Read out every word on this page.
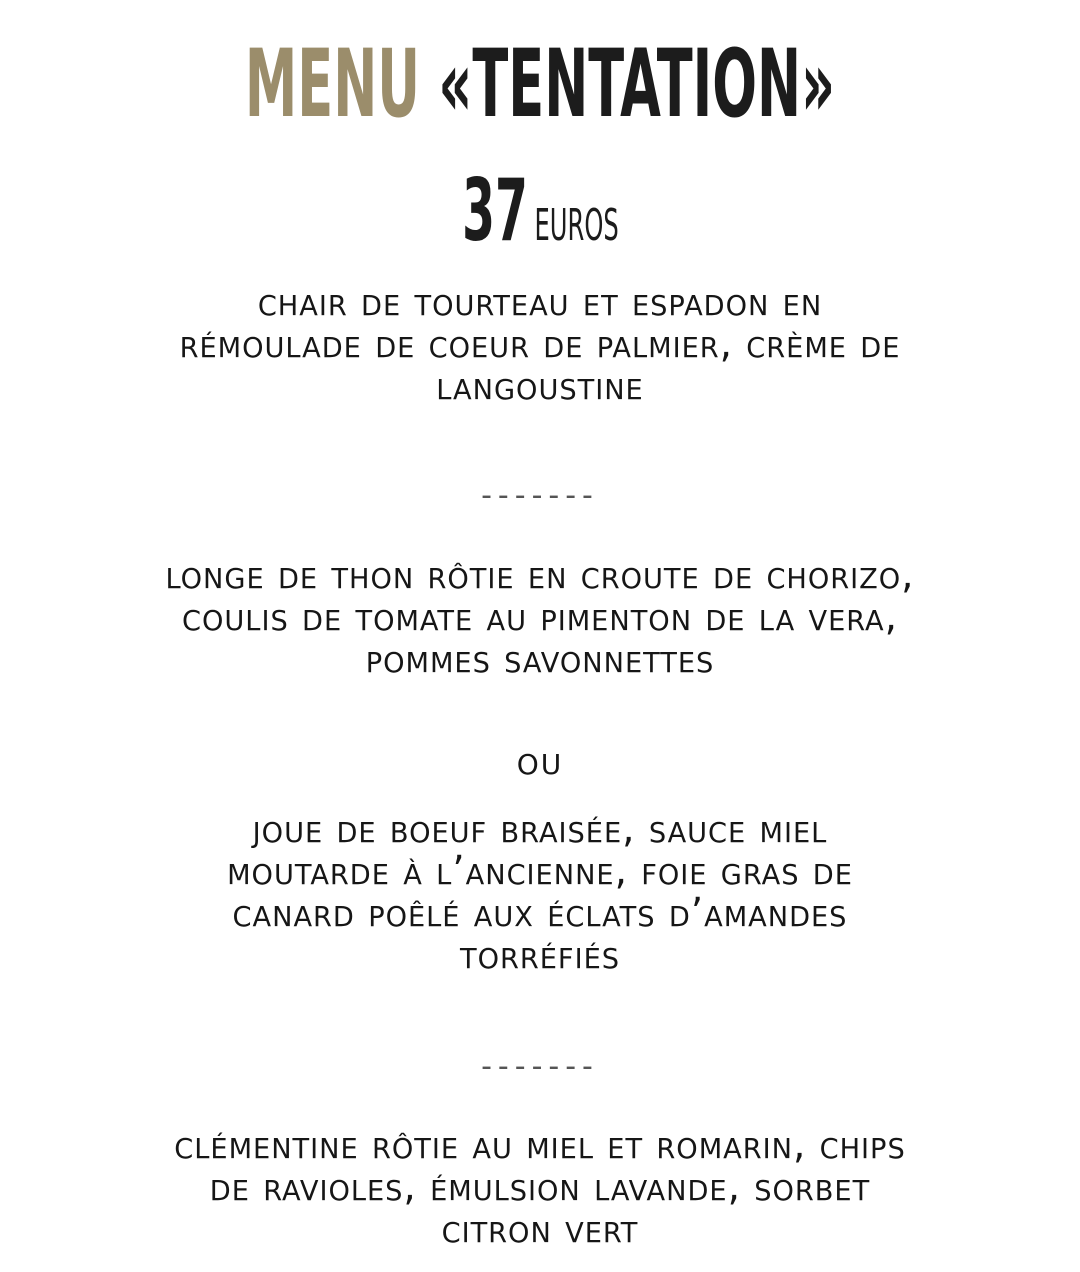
MENU «TENTATION»
37 EUROS
chair de tourteau et espadon en
rémoulade de coeur de palmier, crème de
langoustine
-------
longe de thon rôtie en croute de chorizo,
coulis de tomate au pimenton de la vera,
pommes savonnettes
ou
joue de boeuf braisée, sauce miel
moutarde à l’ancienne, foie gras de
canard poêlé aux éclats d’amandes
torréfiés
-------
clémentine rôtie au miel et romarin, chips
de ravioles, émulsion lavande, sorbet
citron vert
